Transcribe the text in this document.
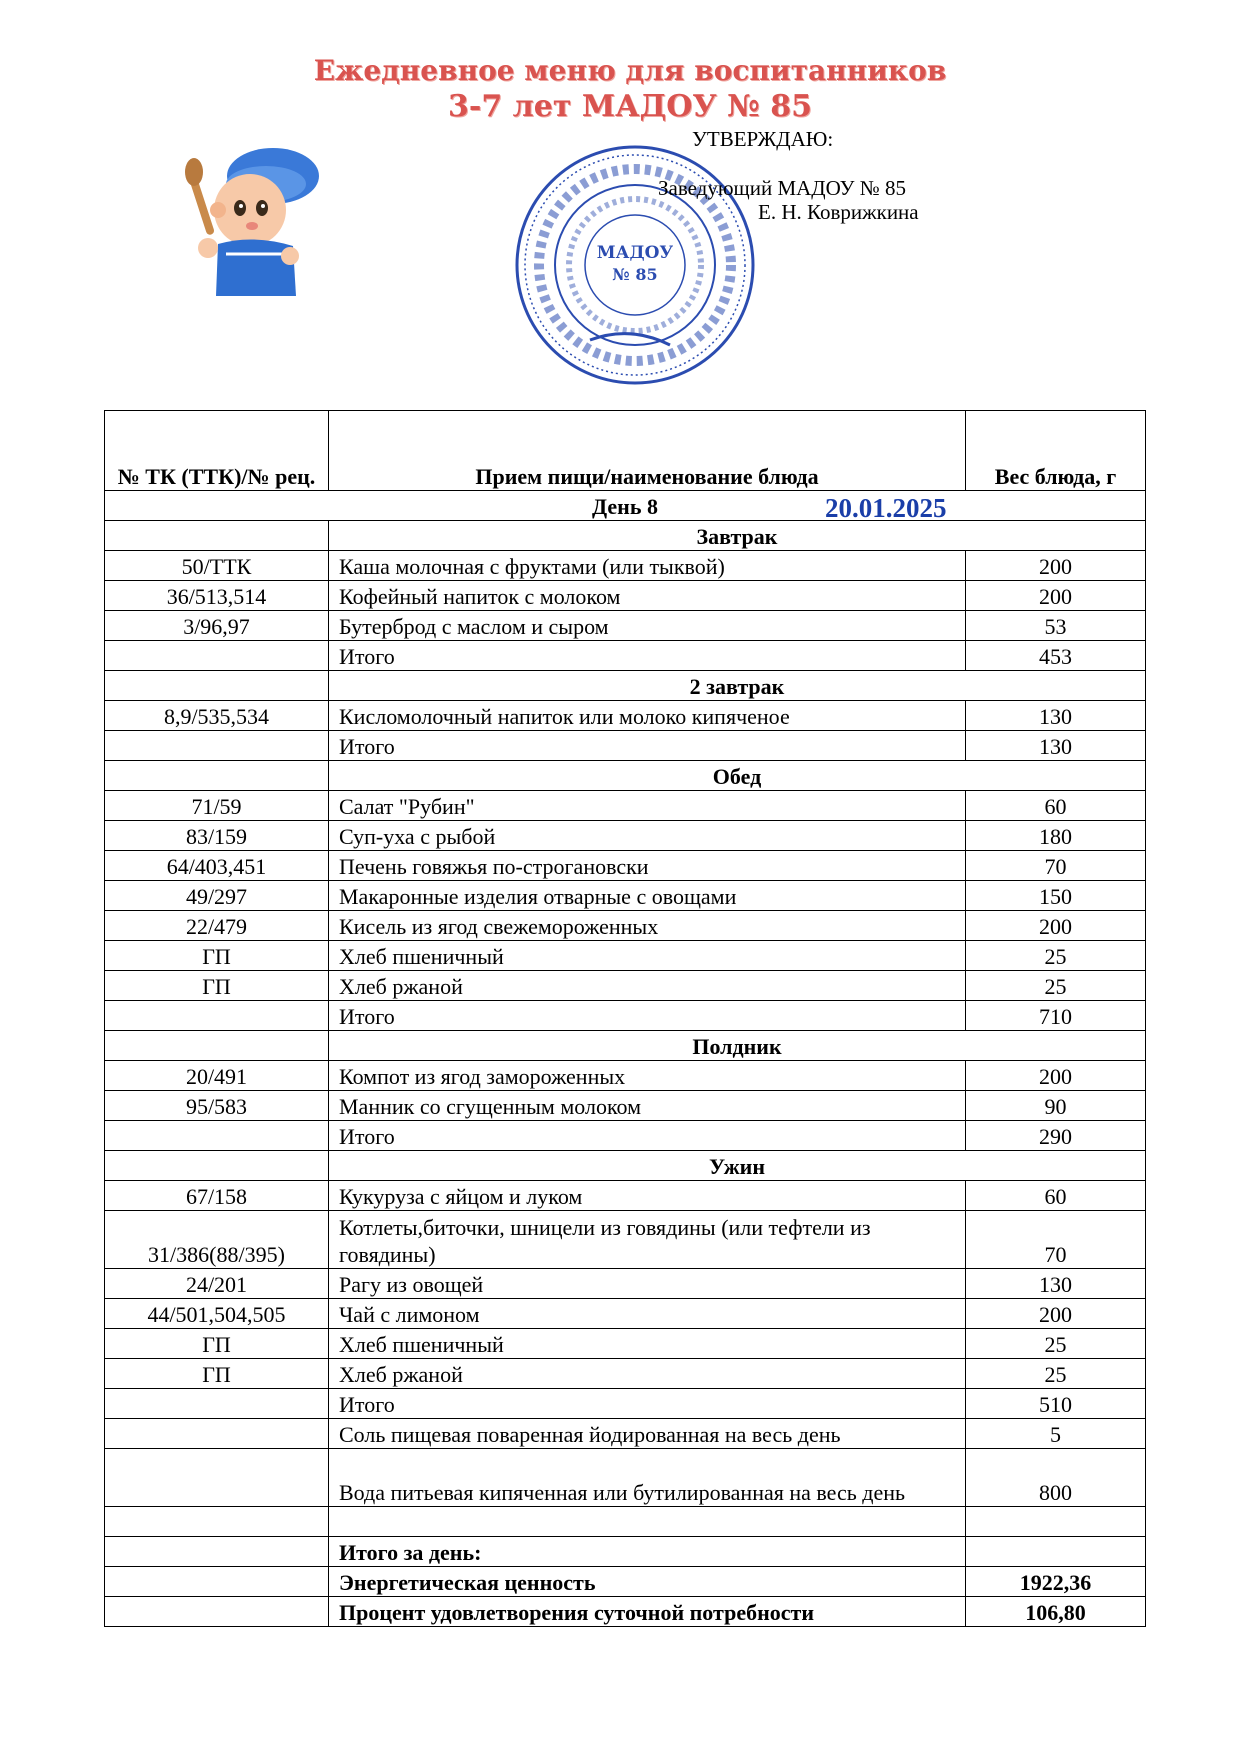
Ежедневное меню для воспитанников
3-7 лет МАДОУ № 85
МАДОУ
№ 85
УТВЕРЖДАЮ:
Заведующий МАДОУ № 85
Е. Н. Коврижкина
№ ТК (ТТК)/№ рец.	Прием пищи/наименование блюда	Вес блюда, г
День 8 20.01.2025		

	Завтрак	
50/ТТК	Каша молочная с фруктами (или тыквой)	200
36/513,514	Кофейный напиток с молоком	200
3/96,97	Бутерброд с маслом и сыром	53
	Итого	453
	2 завтрак	
8,9/535,534	Кисломолочный напиток или молоко кипяченое	130
	Итого	130
	Обед	
71/59	Салат "Рубин"	60
83/159	Суп-уха с рыбой	180
64/403,451	Печень говяжья по-строгановски	70
49/297	Макаронные изделия отварные с овощами	150
22/479	Кисель из ягод свежемороженных	200
ГП	Хлеб пшеничный	25
ГП	Хлеб ржаной	25
	Итого	710
	Полдник	
20/491	Компот из ягод замороженных	200
95/583	Манник со сгущенным молоком	90
	Итого	290
	Ужин	
67/158	Кукуруза с яйцом и луком	60
31/386(88/395)	Котлеты,биточки, шницели из говядины (или тефтели из говядины)	70
24/201	Рагу из овощей	130
44/501,504,505	Чай с лимоном	200
ГП	Хлеб пшеничный	25
ГП	Хлеб ржаной	25
	Итого	510
	Соль пищевая поваренная йодированная на весь день	5
	Вода питьевая кипяченная или бутилированная на весь день	800

	Итого за день:	
	Энергетическая ценность	1922,36
	Процент удовлетворения суточной потребности	106,80
